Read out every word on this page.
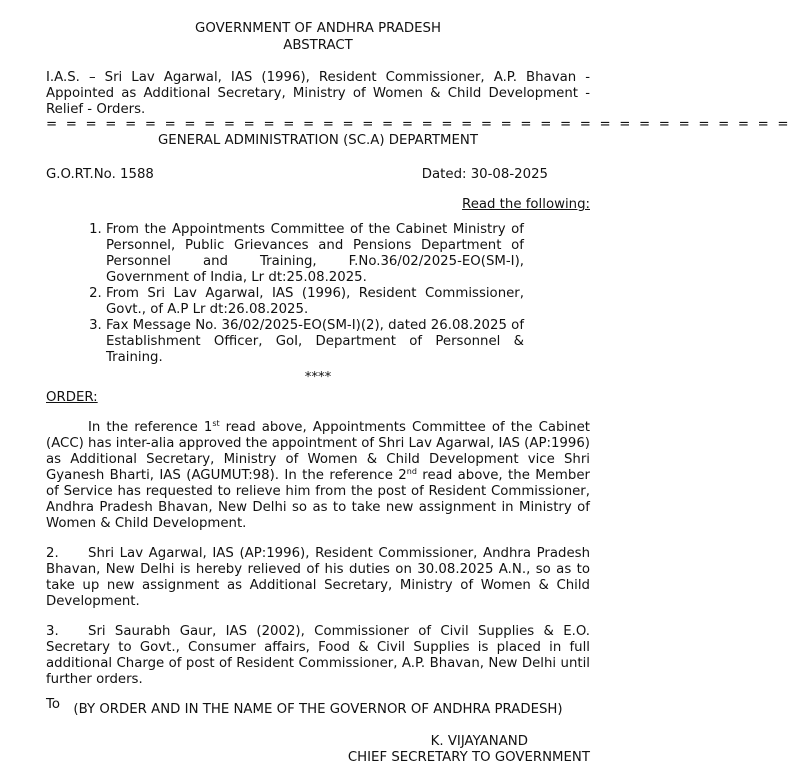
GOVERNMENT OF ANDHRA PRADESH
ABSTRACT
I.A.S. – Sri Lav Agarwal, IAS (1996), Resident Commissioner, A.P. Bhavan - Appointed as Additional Secretary, Ministry of Women & Child Development - Relief - Orders.
= = = = = = = = = = = = = = = = = = = = = = = = = = = = = = = = = = = = = =
GENERAL ADMINISTRATION (SC.A) DEPARTMENT
G.O.RT.No. 1588	Dated: 30-08-2025
Read the following:
1. From the Appointments Committee of the Cabinet Ministry of Personnel, Public Grievances and Pensions Department of Personnel and Training, F.No.36/02/2025-EO(SM-I), Government of India, Lr dt:25.08.2025.
2. From Sri Lav Agarwal, IAS (1996), Resident Commissioner, Govt., of A.P Lr dt:26.08.2025.
3. Fax Message No. 36/02/2025-EO(SM-I)(2), dated 26.08.2025 of Establishment Officer, GoI, Department of Personnel & Training.
****
ORDER:
In the reference 1st read above, Appointments Committee of the Cabinet (ACC) has inter-alia approved the appointment of Shri Lav Agarwal, IAS (AP:1996) as Additional Secretary, Ministry of Women & Child Development vice Shri Gyanesh Bharti, IAS (AGUMUT:98). In the reference 2nd read above, the Member of Service has requested to relieve him from the post of Resident Commissioner, Andhra Pradesh Bhavan, New Delhi so as to take new assignment in Ministry of Women & Child Development.
2. Shri Lav Agarwal, IAS (AP:1996), Resident Commissioner, Andhra Pradesh Bhavan, New Delhi is hereby relieved of his duties on 30.08.2025 A.N., so as to take up new assignment as Additional Secretary, Ministry of Women & Child Development.
3. Sri Saurabh Gaur, IAS (2002), Commissioner of Civil Supplies & E.O. Secretary to Govt., Consumer affairs, Food & Civil Supplies is placed in full additional Charge of post of Resident Commissioner, A.P. Bhavan, New Delhi until further orders.
(BY ORDER AND IN THE NAME OF THE GOVERNOR OF ANDHRA PRADESH)
K. VIJAYANAND
CHIEF SECRETARY TO GOVERNMENT
To
